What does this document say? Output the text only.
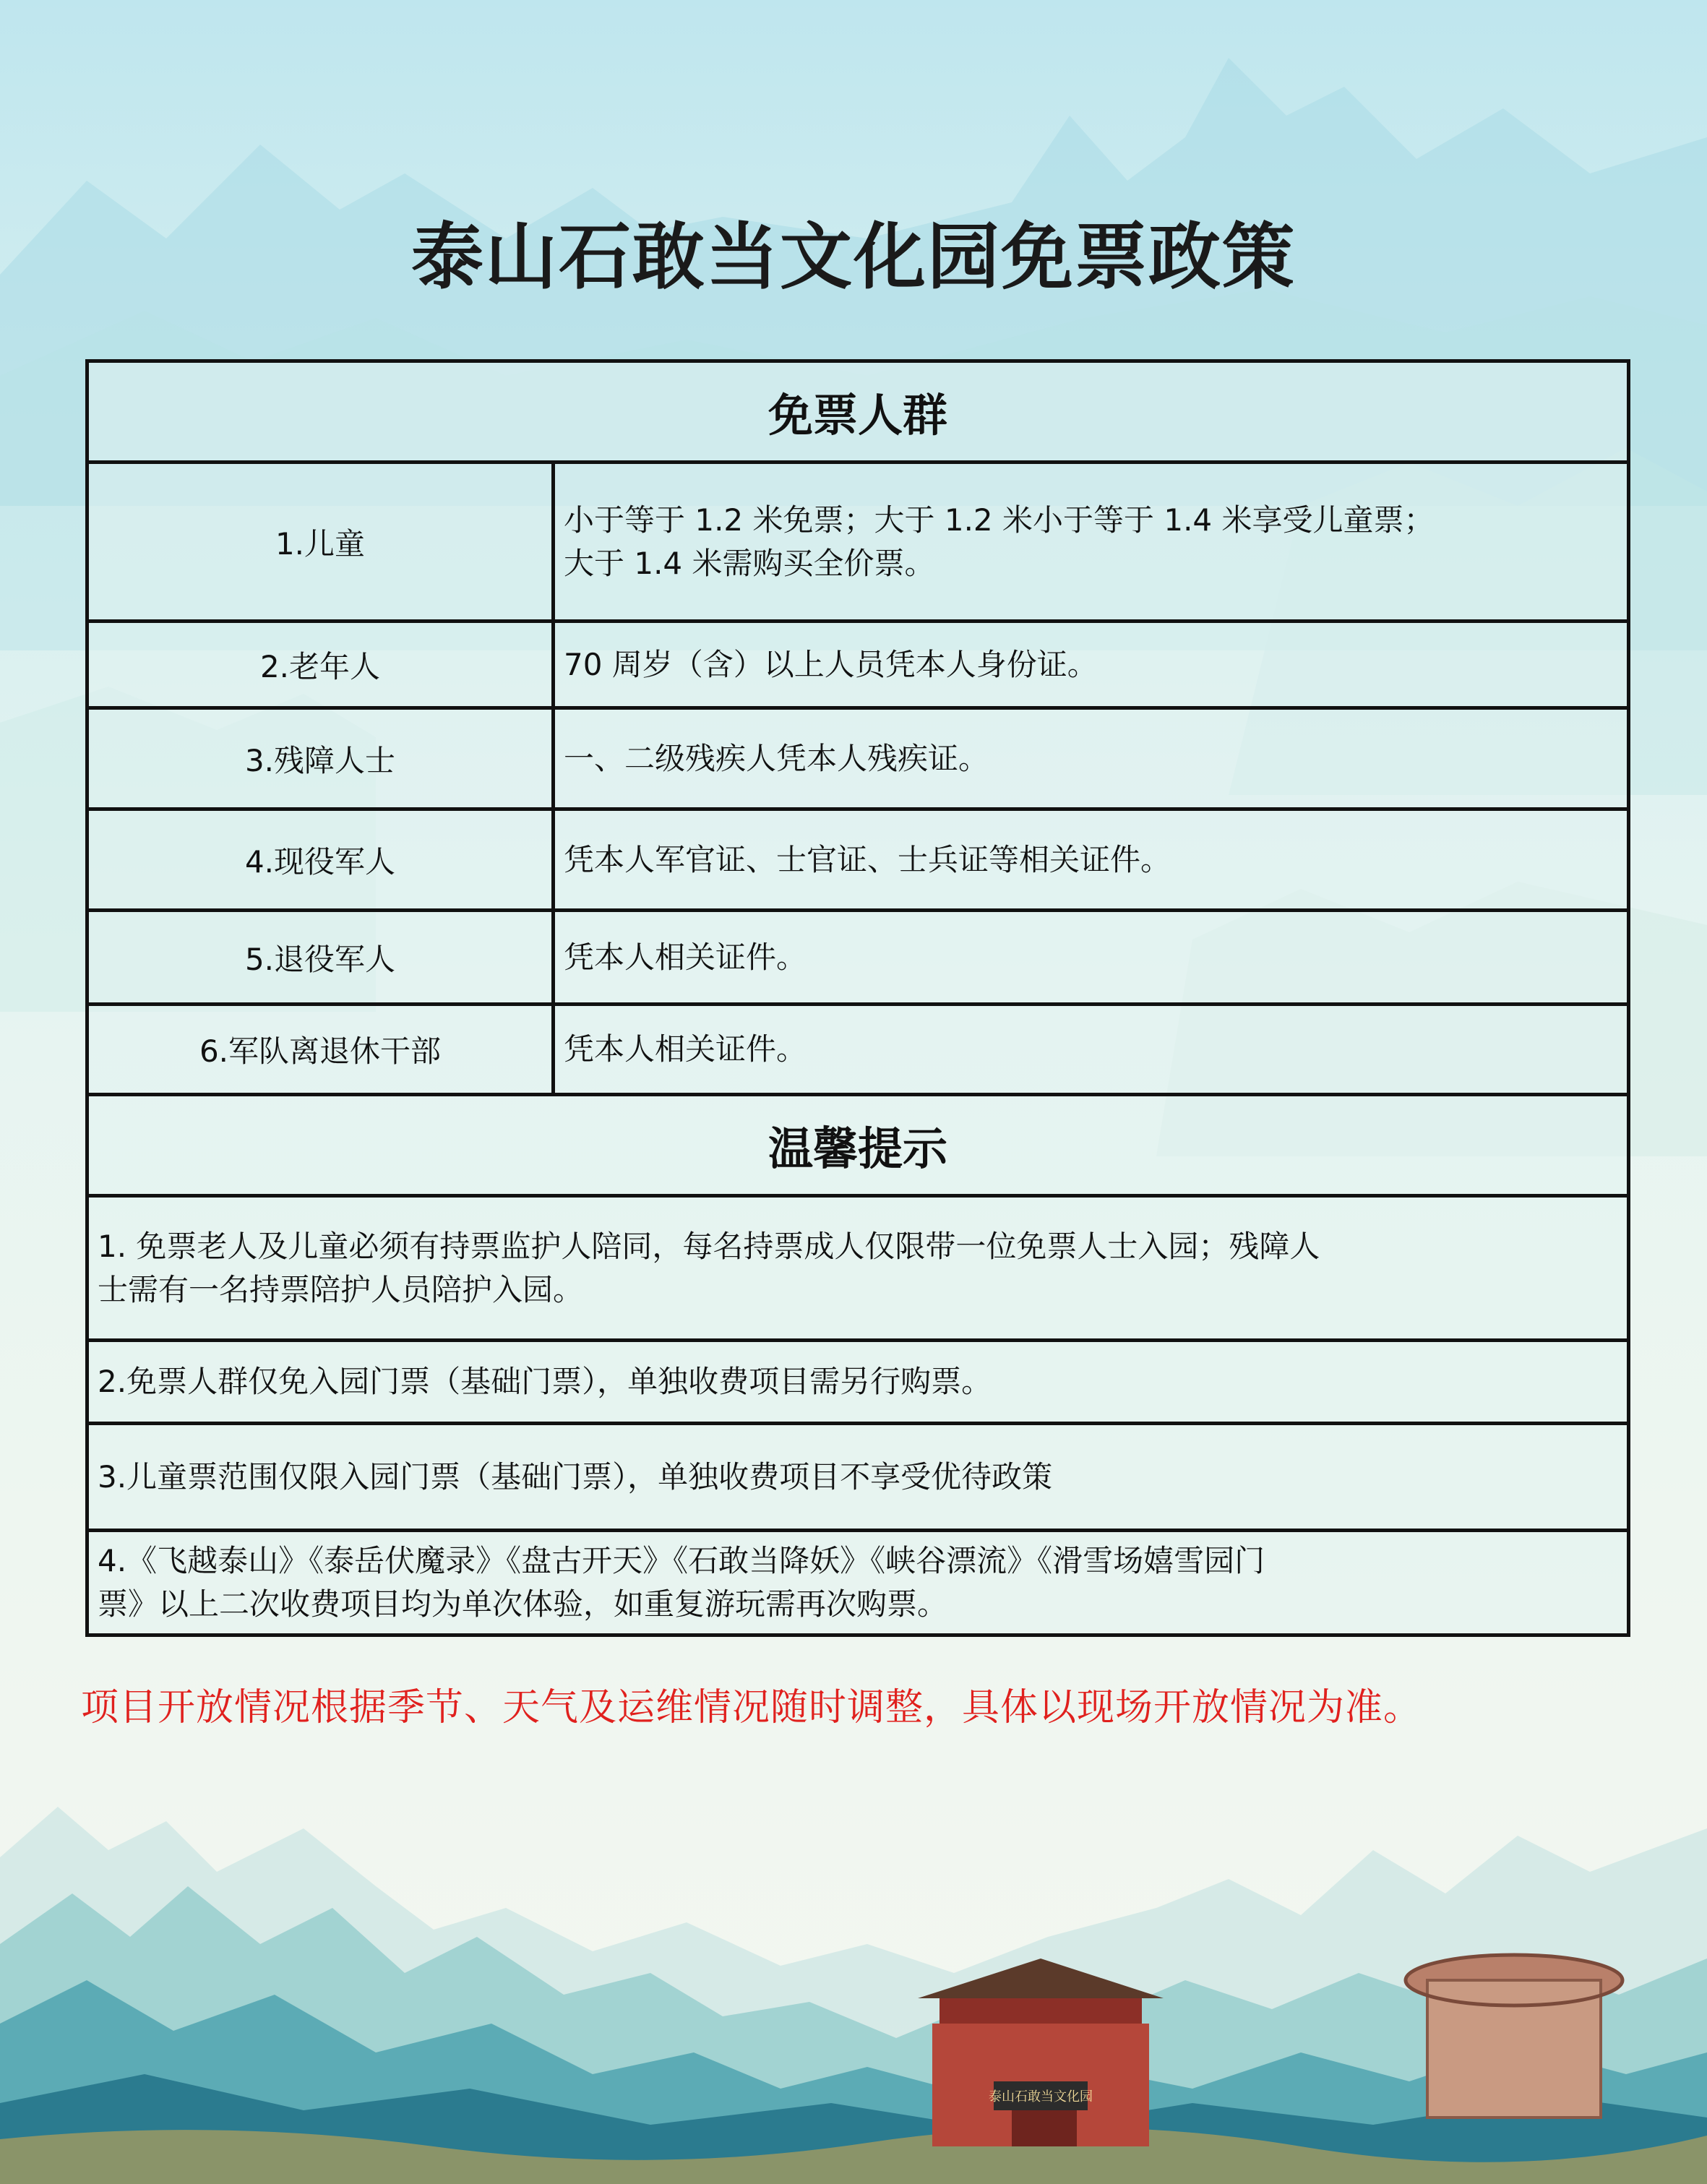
泰山石敢当文化园
泰山石敢当文化园免票政策
免票人群	
1.儿童	小于等于 1.2 米免票；大于 1.2 米小于等于 1.4 米享受儿童票；
大于 1.4 米需购买全价票。

2.老年人	70 周岁（含）以上人员凭本人身份证。
3.残障人士	一、二级残疾人凭本人残疾证。
4.现役军人	凭本人军官证、士官证、士兵证等相关证件。
5.退役军人	凭本人相关证件。
6.军队离退休干部	凭本人相关证件。
温馨提示	

1. 免票老人及儿童必须有持票监护人陪同，每名持票成人仅限带一位免票人士入园；残障人
士需有一名持票陪护人员陪护入园。	

2.免票人群仅免入园门票（基础门票），单独收费项目需另行购票。	
3.儿童票范围仅限入园门票（基础门票），单独收费项目不享受优待政策	

4.《飞越泰山》《泰岳伏魔录》《盘古开天》《石敢当降妖》《峡谷漂流》《滑雪场嬉雪园门
票》以上二次收费项目均为单次体验，如重复游玩需再次购票。	
项目开放情况根据季节、天气及运维情况随时调整，具体以现场开放情况为准。
